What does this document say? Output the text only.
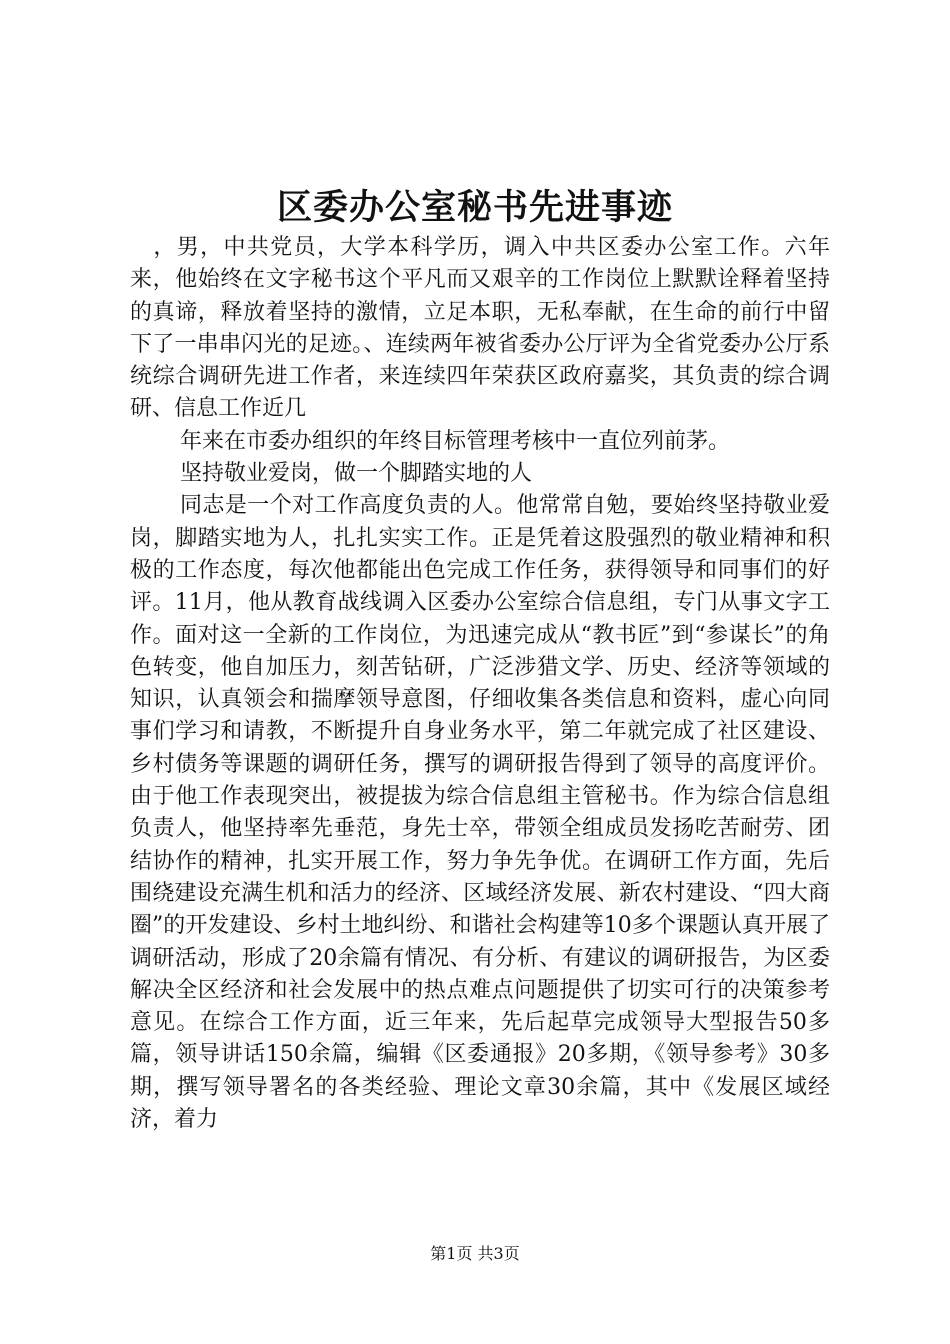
区委办公室秘书先进事迹

　，男，中共党员，大学本科学历，调入中共区委办公室工作。六年来，他始终在文字秘书这个平凡而又艰辛的工作岗位上默默诠释着坚持的真谛，释放着坚持的激情，立足本职，无私奉献，在生命的前行中留下了一串串闪光的足迹。、连续两年被省委办公厅评为全省党委办公厅系统综合调研先进工作者，来连续四年荣获区政府嘉奖，其负责的综合调研、信息工作近几

年来在市委办组织的年终目标管理考核中一直位列前茅。

坚持敬业爱岗，做一个脚踏实地的人

同志是一个对工作高度负责的人。他常常自勉，要始终坚持敬业爱岗，脚踏实地为人，扎扎实实工作。正是凭着这股强烈的敬业精神和积极的工作态度，每次他都能出色完成工作任务，获得领导和同事们的好评。11月，他从教育战线调入区委办公室综合信息组，专门从事文字工作。面对这一全新的工作岗位，为迅速完成从“教书匠”到“参谋长”的角色转变，他自加压力，刻苦钻研，广泛涉猎文学、历史、经济等领域的知识，认真领会和揣摩领导意图，仔细收集各类信息和资料，虚心向同事们学习和请教，不断提升自身业务水平，第二年就完成了社区建设、乡村债务等课题的调研任务，撰写的调研报告得到了领导的高度评价。由于他工作表现突出，被提拔为综合信息组主管秘书。作为综合信息组负责人，他坚持率先垂范，身先士卒，带领全组成员发扬吃苦耐劳、团结协作的精神，扎实开展工作，努力争先争优。在调研工作方面，先后围绕建设充满生机和活力的经济、区域经济发展、新农村建设、“四大商圈”的开发建设、乡村土地纠纷、和谐社会构建等10多个课题认真开展了调研活动，形成了20余篇有情况、有分析、有建议的调研报告，为区委解决全区经济和社会发展中的热点难点问题提供了切实可行的决策参考意见。在综合工作方面，近三年来，先后起草完成领导大型报告50多篇，领导讲话150余篇，编辑《区委通报》20多期，《领导参考》30多期，撰写领导署名的各类经验、理论文章30余篇，其中《发展区域经济，着力

第1页 共3页
